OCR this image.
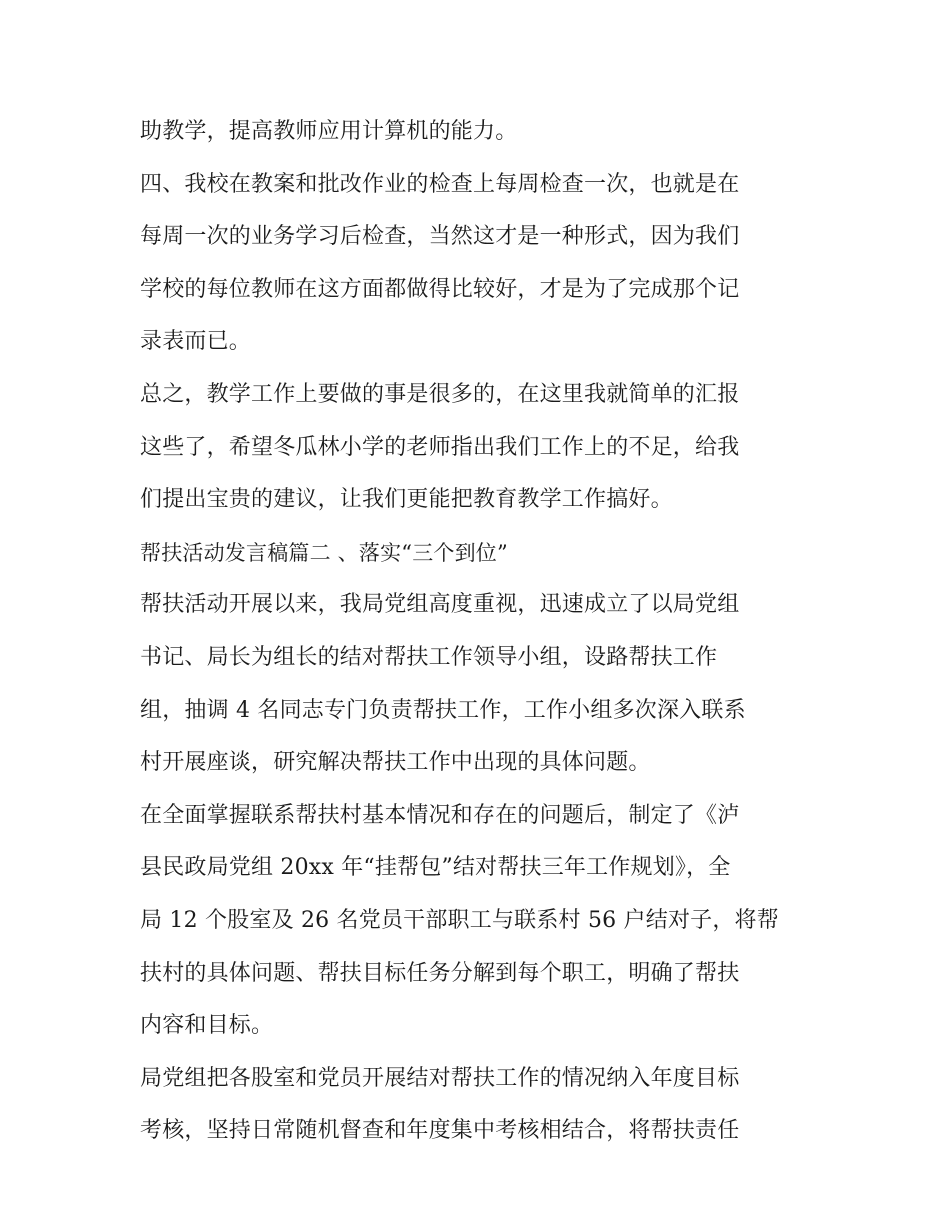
助教学，提高教师应用计算机的能力。
四、我校在教案和批改作业的检查上每周检查一次，也就是在
每周一次的业务学习后检查，当然这才是一种形式，因为我们
学校的每位教师在这方面都做得比较好，才是为了完成那个记
录表而已。
总之，教学工作上要做的事是很多的，在这里我就简单的汇报
这些了，希望冬瓜林小学的老师指出我们工作上的不足，给我
们提出宝贵的建议，让我们更能把教育教学工作搞好。
帮扶活动发言稿篇二 、落实“三个到位”
帮扶活动开展以来，我局党组高度重视，迅速成立了以局党组
书记、局长为组长的结对帮扶工作领导小组，设路帮扶工作
组，抽调 4 名同志专门负责帮扶工作，工作小组多次深入联系
村开展座谈，研究解决帮扶工作中出现的具体问题。
在全面掌握联系帮扶村基本情况和存在的问题后，制定了《泸
县民政局党组 20xx 年“挂帮包”结对帮扶三年工作规划》，全
局 12 个股室及 26 名党员干部职工与联系村 56 户结对子，将帮
扶村的具体问题、帮扶目标任务分解到每个职工，明确了帮扶
内容和目标。
局党组把各股室和党员开展结对帮扶工作的情况纳入年度目标
考核，坚持日常随机督查和年度集中考核相结合，将帮扶责任
